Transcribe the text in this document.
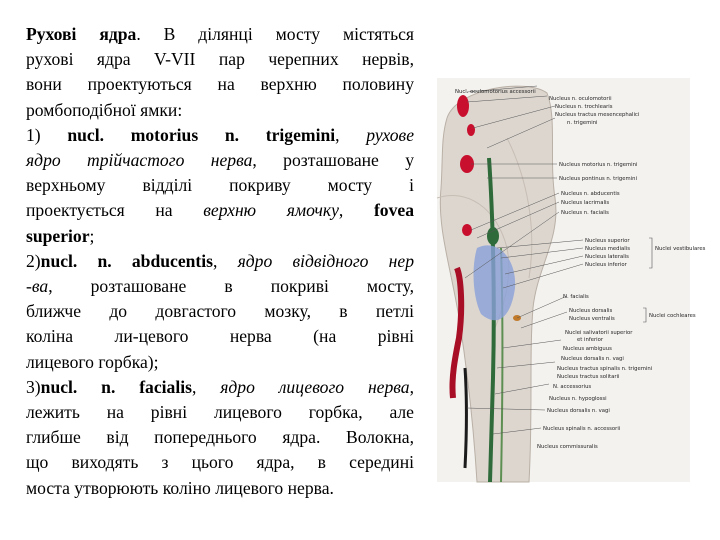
Рухові ядра. В ділянці мосту містяться

рухові ядра V-VII пар черепних нервів,

вони проектуються на верхню половину

ромбоподібної ямки:

1) nucl. motorius n. trigemini, рухове

ядро трійчастого нерва, розташоване у

верхньому відділі покриву мосту і

проектується на верхню ямочку, fovea

superior;

2)nucl. n. abducentis, ядро відвідного нер

-ва, розташоване в покриві мосту,

ближче до довгастого мозку, в петлі

коліна ли-цевого нерва (на рівні

лицевого горбка);

3)nucl. n. facialis, ядро лицевого нерва,

лежить на рівні лицевого горбка, але

глибше від попереднього ядра. Волокна,

що виходять з цього ядра, в середині

моста утворюють коліно лицевого нерва.

Nucl. oculomotorius accessorii
Nucleus n. oculomotorii
Nucleus n. trochlearis
Nucleus tractus mesencephalici
n. trigemini
Nucleus motorius n. trigemini
Nucleus pontinus n. trigemini
Nucleus n. abducentis
Nucleus lacrimalis
Nucleus n. facialis
Nucleus superior
Nucleus medialis
Nucleus lateralis
Nucleus inferior
N. facialis
Nucleus dorsalis
Nucleus ventralis
Nuclei salivatorii superior
et inferior
Nucleus ambiguus
Nucleus dorsalis n. vagi
Nucleus tractus spinalis n. trigemini
Nucleus tractus solitarii
N. accessorius
Nucleus n. hypoglossi
Nucleus dorsalis n. vagi
Nucleus spinalis n. accessorii
Nucleus commissuralis
Nuclei vestibulares
Nuclei cochleares
